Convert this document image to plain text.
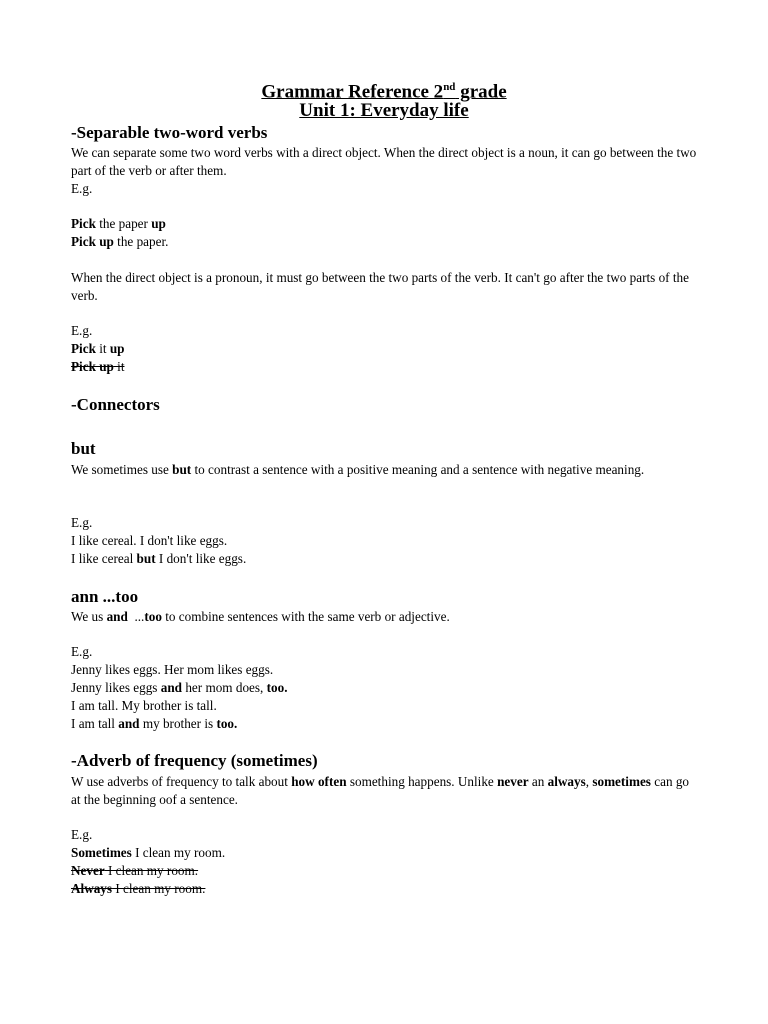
Grammar Reference 2nd grade

Unit 1: Everyday life

-Separable two-word verbs

We can separate some two word verbs with a direct object. When the direct object is a noun, it can go between the two part of the verb or after them.

E.g.

Pick the paper up

Pick up the paper.

When the direct object is a pronoun, it must go between the two parts of the verb. It can't go after the two parts of the verb.

E.g.

Pick it up

Pick up it

-Connectors

but

We sometimes use but to contrast a sentence with a positive meaning and a sentence with negative meaning.

E.g.

I like cereal. I don't like eggs.

I like cereal but I don't like eggs.

ann ...too

We us and  ...too to combine sentences with the same verb or adjective.

E.g.

Jenny likes eggs. Her mom likes eggs.

Jenny likes eggs and her mom does, too.

I am tall. My brother is tall.

I am tall and my brother is too.

-Adverb of frequency (sometimes)

W use adverbs of frequency to talk about how often something happens. Unlike never an always, sometimes can go at the beginning oof a sentence.

E.g.

Sometimes I clean my room.

Never I clean my room.

Always I clean my room.
